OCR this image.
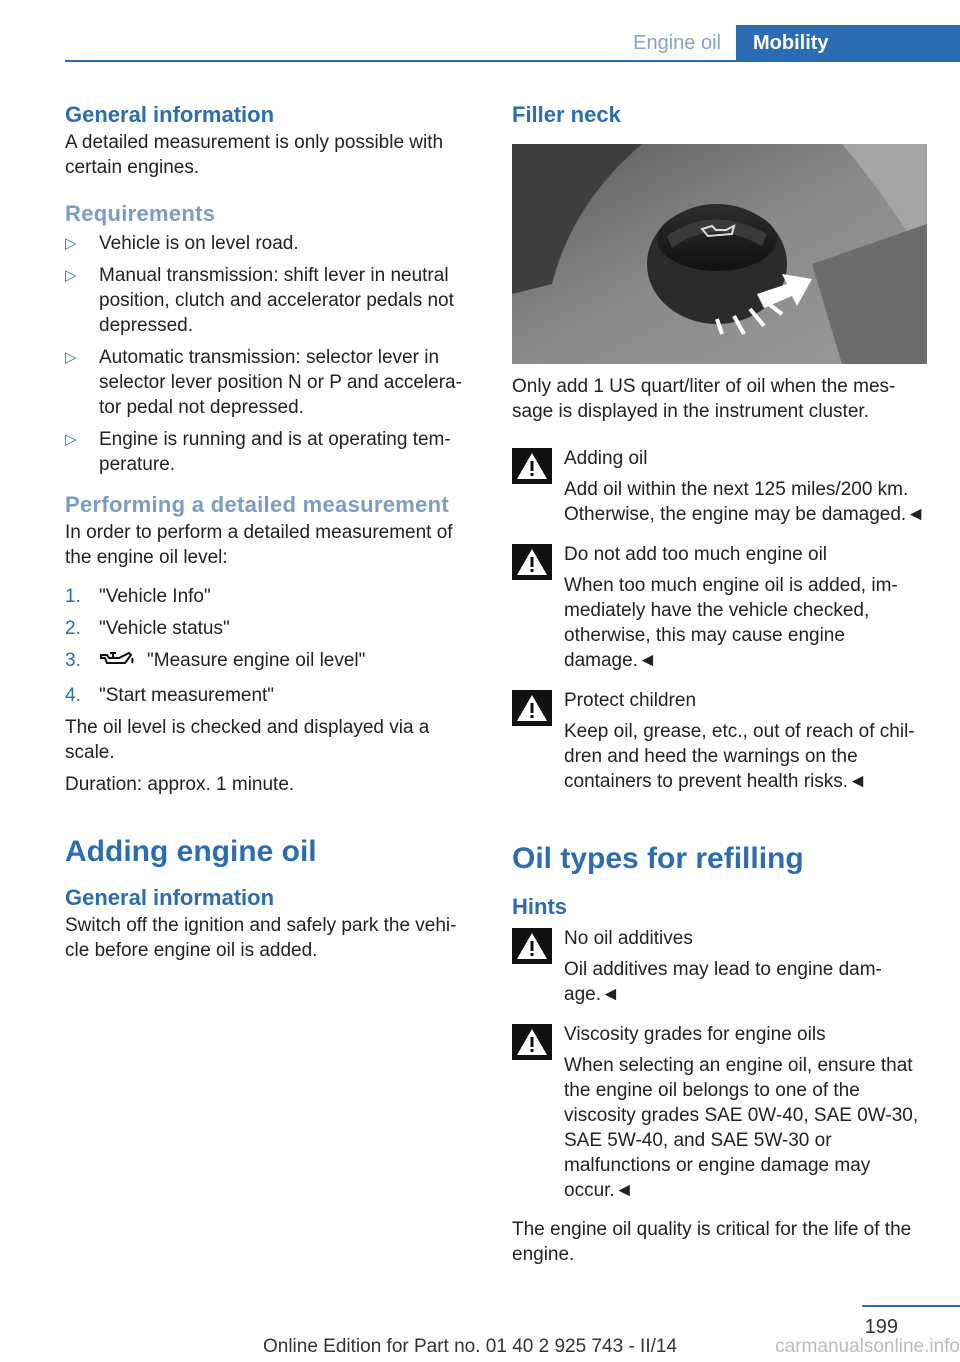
Engine oil	Mobility
General information

A detailed measurement is only possible with certain engines.

Requirements
▷ Vehicle is on level road.
▷ Manual transmission: shift lever in neutral position, clutch and accelerator pedals not depressed.
▷ Automatic transmission: selector lever in selector lever position N or P and accelera‐tor pedal not depressed.
▷ Engine is running and is at operating tem‐perature.
Performing a detailed measurement

In order to perform a detailed measurement of the engine oil level:

1. "Vehicle Info"
2. "Vehicle status"
3.	"Measure engine oil level"
4. "Start measurement"

The oil level is checked and displayed via a scale.

Duration: approx. 1 minute.

Adding engine oil
General information

Switch off the ignition and safely park the vehi‐cle before engine oil is added.

Filler neck

Only add 1 US quart/liter of oil when the mes‐sage is displayed in the instrument cluster.

Adding oil

Add oil within the next 125 miles/200 km. Otherwise, the engine may be damaged.◄

Do not add too much engine oil

When too much engine oil is added, im‐mediately have the vehicle checked, otherwise, this may cause engine damage.◄

Protect children

Keep oil, grease, etc., out of reach of chil‐dren and heed the warnings on the containers to prevent health risks.◄

Oil types for refilling
Hints

No oil additives

Oil additives may lead to engine dam‐age.◄

Viscosity grades for engine oils

When selecting an engine oil, ensure that the engine oil belongs to one of the viscosity grades SAE 0W-40, SAE 0W-30, SAE 5W-40, and SAE 5W-30 or malfunctions or engine damage may occur.◄

The engine oil quality is critical for the life of the engine.

199
Online Edition for Part no. 01 40 2 925 743 - II/14	carmanualsonline.info
